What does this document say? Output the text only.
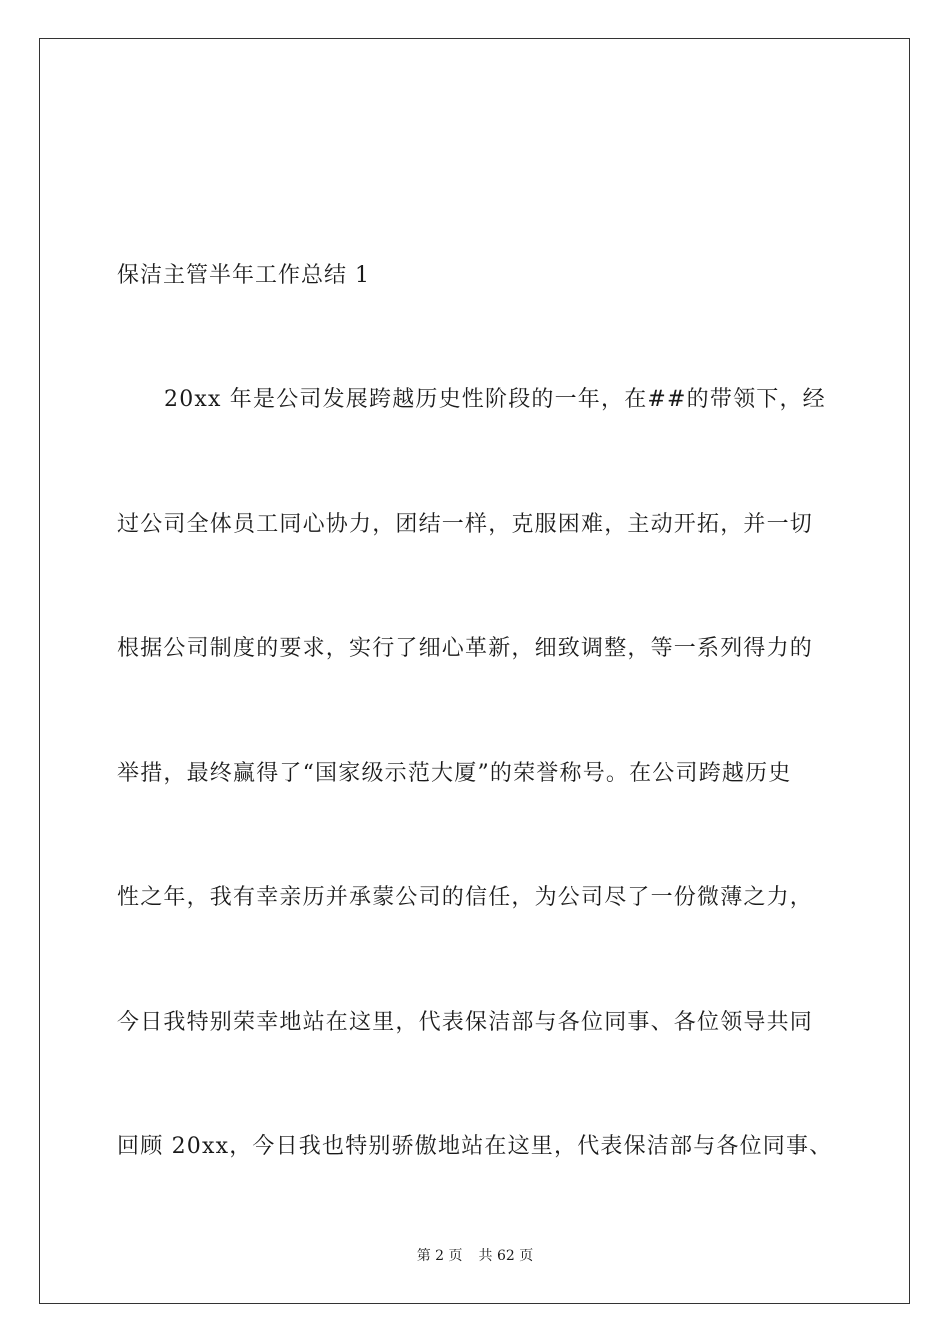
保洁主管半年工作总结 1
20xx 年是公司发展跨越历史性阶段的一年，在##的带领下，经
过公司全体员工同心协力，团结一样，克服困难，主动开拓，并一切
根据公司制度的要求，实行了细心革新，细致调整，等一系列得力的
举措，最终赢得了“国家级示范大厦”的荣誉称号。在公司跨越历史
性之年，我有幸亲历并承蒙公司的信任，为公司尽了一份微薄之力，
今日我特别荣幸地站在这里，代表保洁部与各位同事、各位领导共同
回顾 20xx，今日我也特别骄傲地站在这里，代表保洁部与各位同事、
第 2 页 共 62 页
